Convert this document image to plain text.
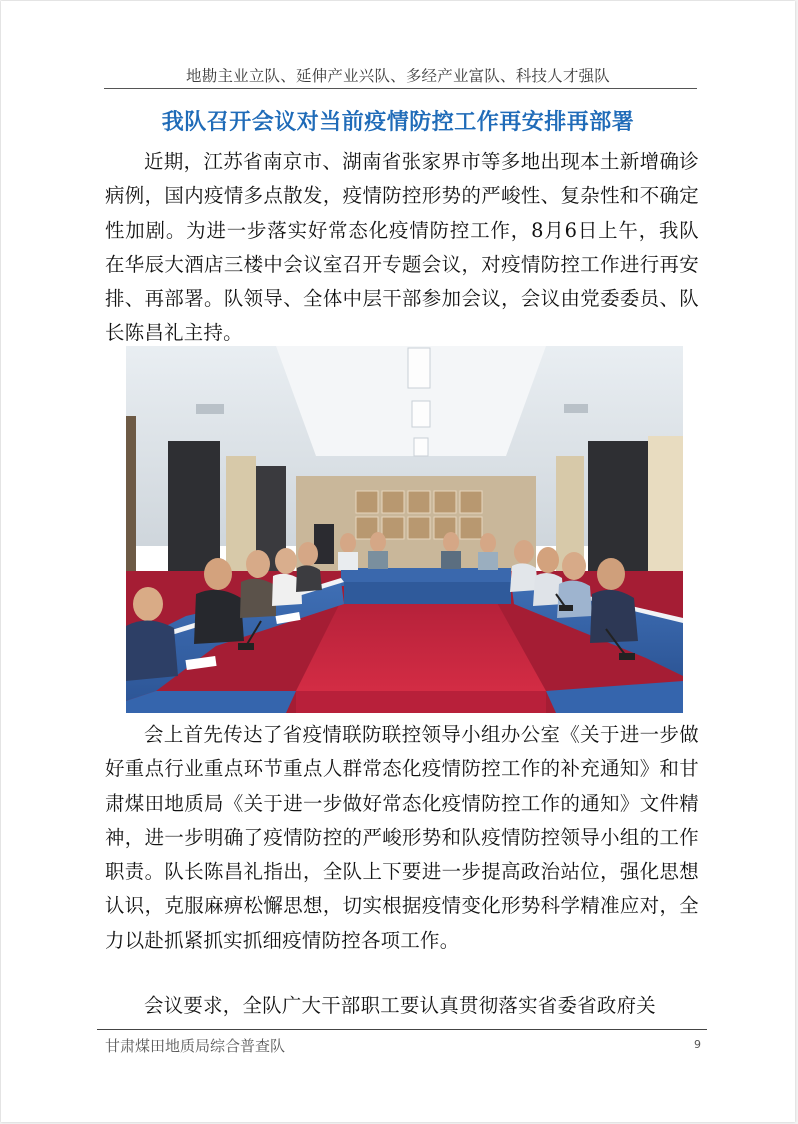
地勘主业立队、延伸产业兴队、多经产业富队、科技人才强队
我队召开会议对当前疫情防控工作再安排再部署

近期，江苏省南京市、湖南省张家界市等多地出现本土新增确诊病例，国内疫情多点散发，疫情防控形势的严峻性、复杂性和不确定性加剧。为进一步落实好常态化疫情防控工作，8月6日上午，我队在华辰大酒店三楼中会议室召开专题会议，对疫情防控工作进行再安排、再部署。队领导、全体中层干部参加会议，会议由党委委员、队长陈昌礼主持。

会上首先传达了省疫情联防联控领导小组办公室《关于进一步做好重点行业重点环节重点人群常态化疫情防控工作的补充通知》和甘肃煤田地质局《关于进一步做好常态化疫情防控工作的通知》文件精神，进一步明确了疫情防控的严峻形势和队疫情防控领导小组的工作职责。队长陈昌礼指出，全队上下要进一步提高政治站位，强化思想认识，克服麻痹松懈思想，切实根据疫情变化形势科学精准应对，全力以赴抓紧抓实抓细疫情防控各项工作。

会议要求，全队广大干部职工要认真贯彻落实省委省政府关

甘肃煤田地质局综合普查队	9
